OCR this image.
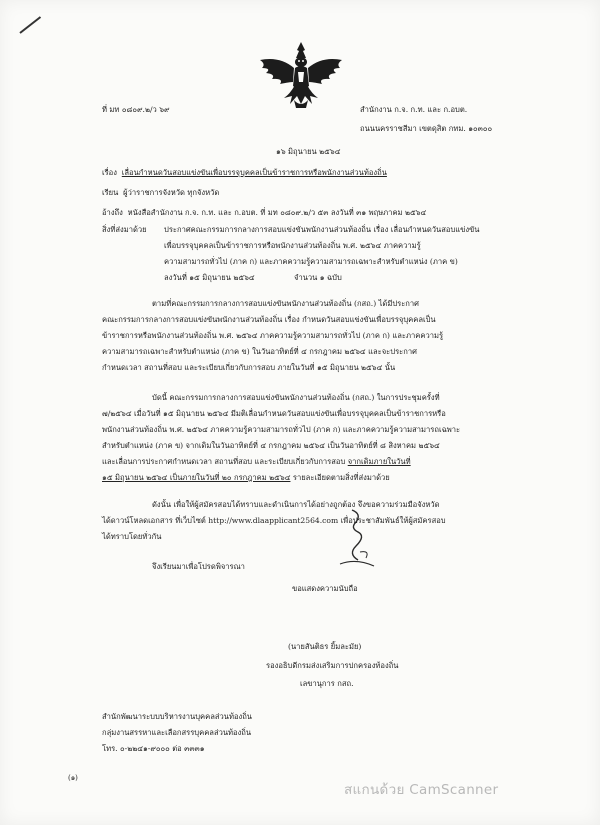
ที่ มท ๐๘๐๙.๒/ว ๖๙	สำนักงาน ก.จ. ก.ท. และ ก.อบต.
ถนนนครราชสีมา เขตดุสิต กทม. ๑๐๓๐๐
๑๖ มิถุนายน ๒๕๖๔
เรื่อง เลื่อนกำหนดวันสอบแข่งขันเพื่อบรรจุบุคคลเป็นข้าราชการหรือพนักงานส่วนท้องถิ่น
เรียน ผู้ว่าราชการจังหวัด ทุกจังหวัด
อ้างถึง หนังสือสำนักงาน ก.จ. ก.ท. และ ก.อบต. ที่ มท ๐๘๐๙.๒/ว ๕๓ ลงวันที่ ๓๑ พฤษภาคม ๒๕๖๔
สิ่งที่ส่งมาด้วย ประกาศคณะกรรมการกลางการสอบแข่งขันพนักงานส่วนท้องถิ่น เรื่อง เลื่อนกำหนดวันสอบแข่งขัน
เพื่อบรรจุบุคคลเป็นข้าราชการหรือพนักงานส่วนท้องถิ่น พ.ศ. ๒๕๖๔ ภาคความรู้
ความสามารถทั่วไป (ภาค ก) และภาคความรู้ความสามารถเฉพาะสำหรับตำแหน่ง (ภาค ข)
ลงวันที่ ๑๕ มิถุนายน ๒๕๖๔	จำนวน ๑ ฉบับ
ตามที่คณะกรรมการกลางการสอบแข่งขันพนักงานส่วนท้องถิ่น (กสถ.) ได้มีประกาศ
คณะกรรมการกลางการสอบแข่งขันพนักงานส่วนท้องถิ่น เรื่อง กำหนดวันสอบแข่งขันเพื่อบรรจุบุคคลเป็น
ข้าราชการหรือพนักงานส่วนท้องถิ่น พ.ศ. ๒๕๖๔ ภาคความรู้ความสามารถทั่วไป (ภาค ก) และภาคความรู้
ความสามารถเฉพาะสำหรับตำแหน่ง (ภาค ข) ในวันอาทิตย์ที่ ๔ กรกฎาคม ๒๕๖๔ และจะประกาศ
กำหนดเวลา สถานที่สอบ และระเบียบเกี่ยวกับการสอบ ภายในวันที่ ๑๕ มิถุนายน ๒๕๖๔ นั้น
บัดนี้ คณะกรรมการกลางการสอบแข่งขันพนักงานส่วนท้องถิ่น (กสถ.) ในการประชุมครั้งที่
๗/๒๕๖๔ เมื่อวันที่ ๑๕ มิถุนายน ๒๕๖๔ มีมติเลื่อนกำหนดวันสอบแข่งขันเพื่อบรรจุบุคคลเป็นข้าราชการหรือ
พนักงานส่วนท้องถิ่น พ.ศ. ๒๕๖๔ ภาคความรู้ความสามารถทั่วไป (ภาค ก) และภาคความรู้ความสามารถเฉพาะ
สำหรับตำแหน่ง (ภาค ข) จากเดิมในวันอาทิตย์ที่ ๔ กรกฎาคม ๒๕๖๔ เป็นวันอาทิตย์ที่ ๘ สิงหาคม ๒๕๖๔
และเลื่อนการประกาศกำหนดเวลา สถานที่สอบ และระเบียบเกี่ยวกับการสอบ จากเดิมภายในวันที่
๑๕ มิถุนายน ๒๕๖๔ เป็นภายในวันที่ ๒๐ กรกฎาคม ๒๕๖๔ รายละเอียดตามสิ่งที่ส่งมาด้วย
ดังนั้น เพื่อให้ผู้สมัครสอบได้ทราบและดำเนินการได้อย่างถูกต้อง จึงขอความร่วมมือจังหวัด
ได้ดาวน์โหลดเอกสาร ที่เว็บไซต์ http://www.dlaapplicant2564.com เพื่อประชาสัมพันธ์ให้ผู้สมัครสอบ
ได้ทราบโดยทั่วกัน
จึงเรียนมาเพื่อโปรดพิจารณา
ขอแสดงความนับถือ
(นายสันติธร ยิ้มละมัย)
รองอธิบดีกรมส่งเสริมการปกครองท้องถิ่น
เลขานุการ กสถ.
สำนักพัฒนาระบบบริหารงานบุคคลส่วนท้องถิ่น
กลุ่มงานสรรหาและเลือกสรรบุคคลส่วนท้องถิ่น
โทร. ๐-๒๒๔๑-๙๐๐๐ ต่อ ๓๓๓๑
(๑)
สแกนด้วย CamScanner
